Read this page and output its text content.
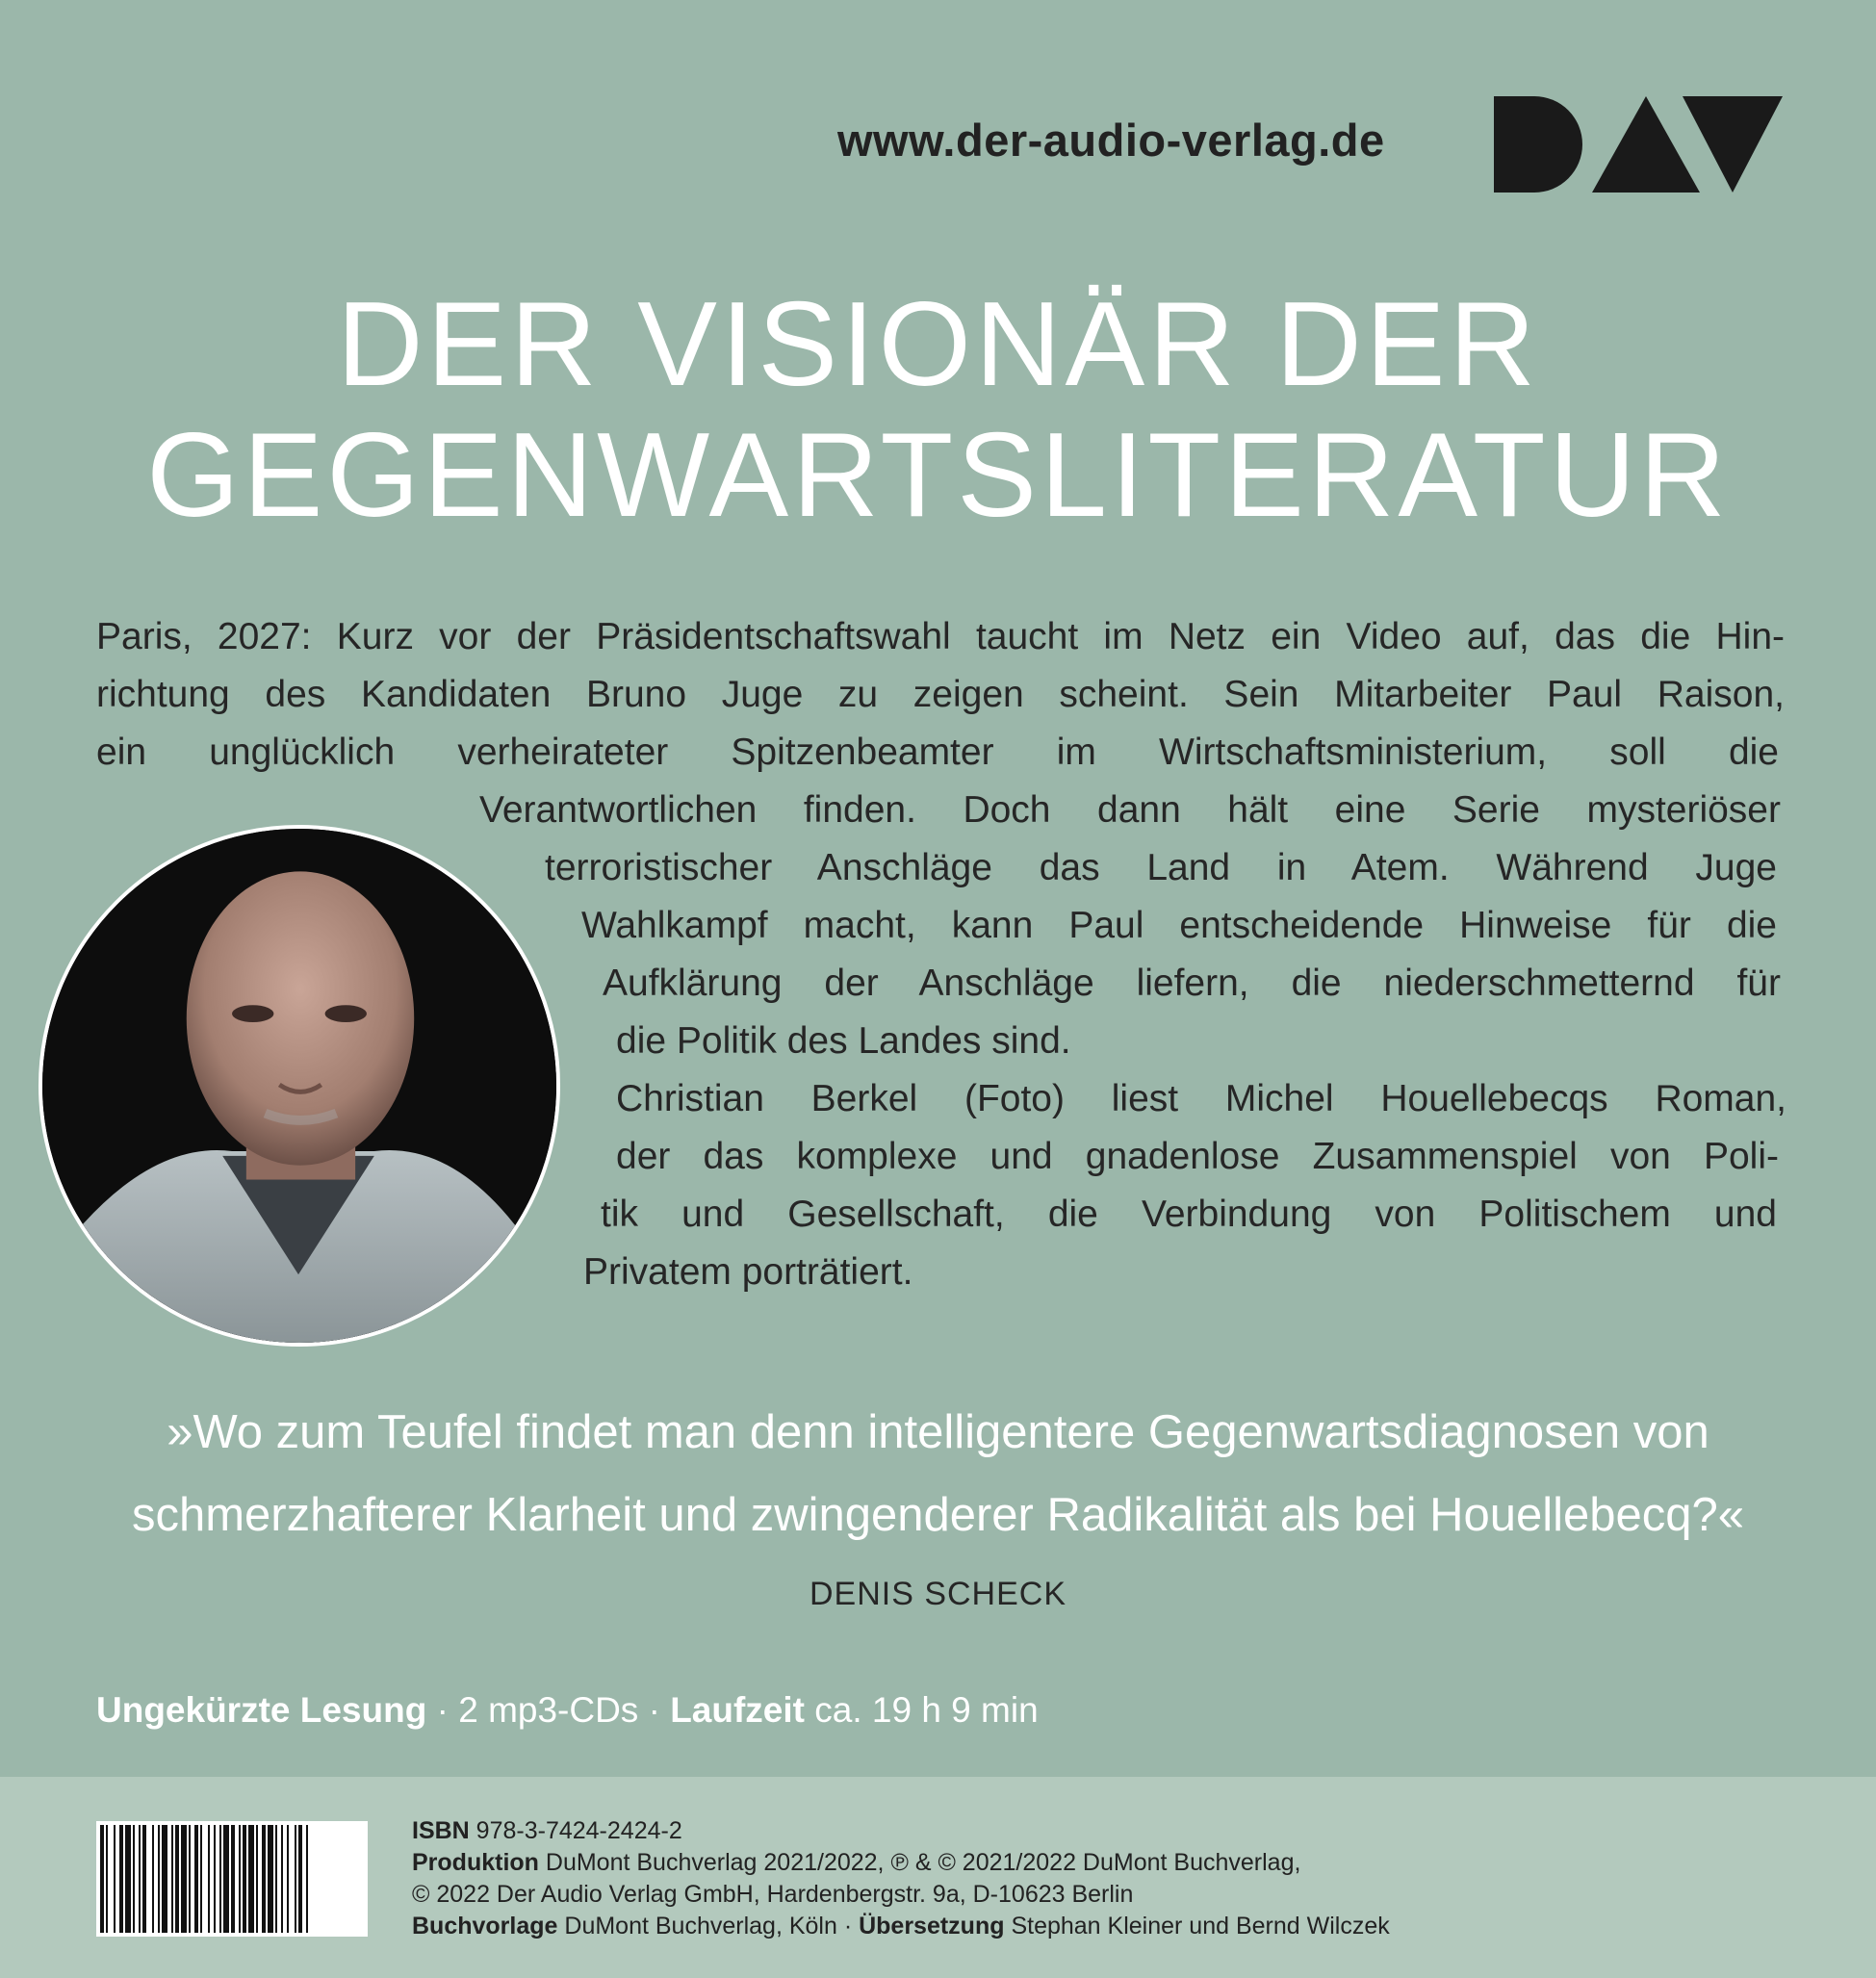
www.der-audio-verlag.de
DER VISIONÄR DER
GEGENWARTSLITERATUR
Paris, 2027: Kurz vor der Präsidentschaftswahl taucht im Netz ein Video auf, das die Hin-
richtung des Kandidaten Bruno Juge zu zeigen scheint. Sein Mitarbeiter Paul Raison,
ein unglücklich verheirateter Spitzenbeamter im Wirtschaftsministerium, soll die
Verantwortlichen finden. Doch dann hält eine Serie mysteriöser
terroristischer Anschläge das Land in Atem. Während Juge
Wahlkampf macht, kann Paul entscheidende Hinweise für die
Aufklärung der Anschläge liefern, die niederschmetternd für
die Politik des Landes sind.
Christian Berkel (Foto) liest Michel Houellebecqs Roman,
der das komplexe und gnadenlose Zusammenspiel von Poli-
tik und Gesellschaft, die Verbindung von Politischem und
Privatem porträtiert.
»Wo zum Teufel findet man denn intelligentere Gegenwartsdiagnosen von
schmerzhafterer Klarheit und zwingenderer Radikalität als bei Houellebecq?«
DENIS SCHECK
Ungekürzte Lesung · 2 mp3-CDs · Laufzeit ca. 19 h 9 min
ISBN 978-3-7424-2424-2
Produktion DuMont Buchverlag 2021/2022, ℗ & © 2021/2022 DuMont Buchverlag,
© 2022 Der Audio Verlag GmbH, Hardenbergstr. 9a, D-10623 Berlin
Buchvorlage DuMont Buchverlag, Köln · Übersetzung Stephan Kleiner und Bernd Wilczek
